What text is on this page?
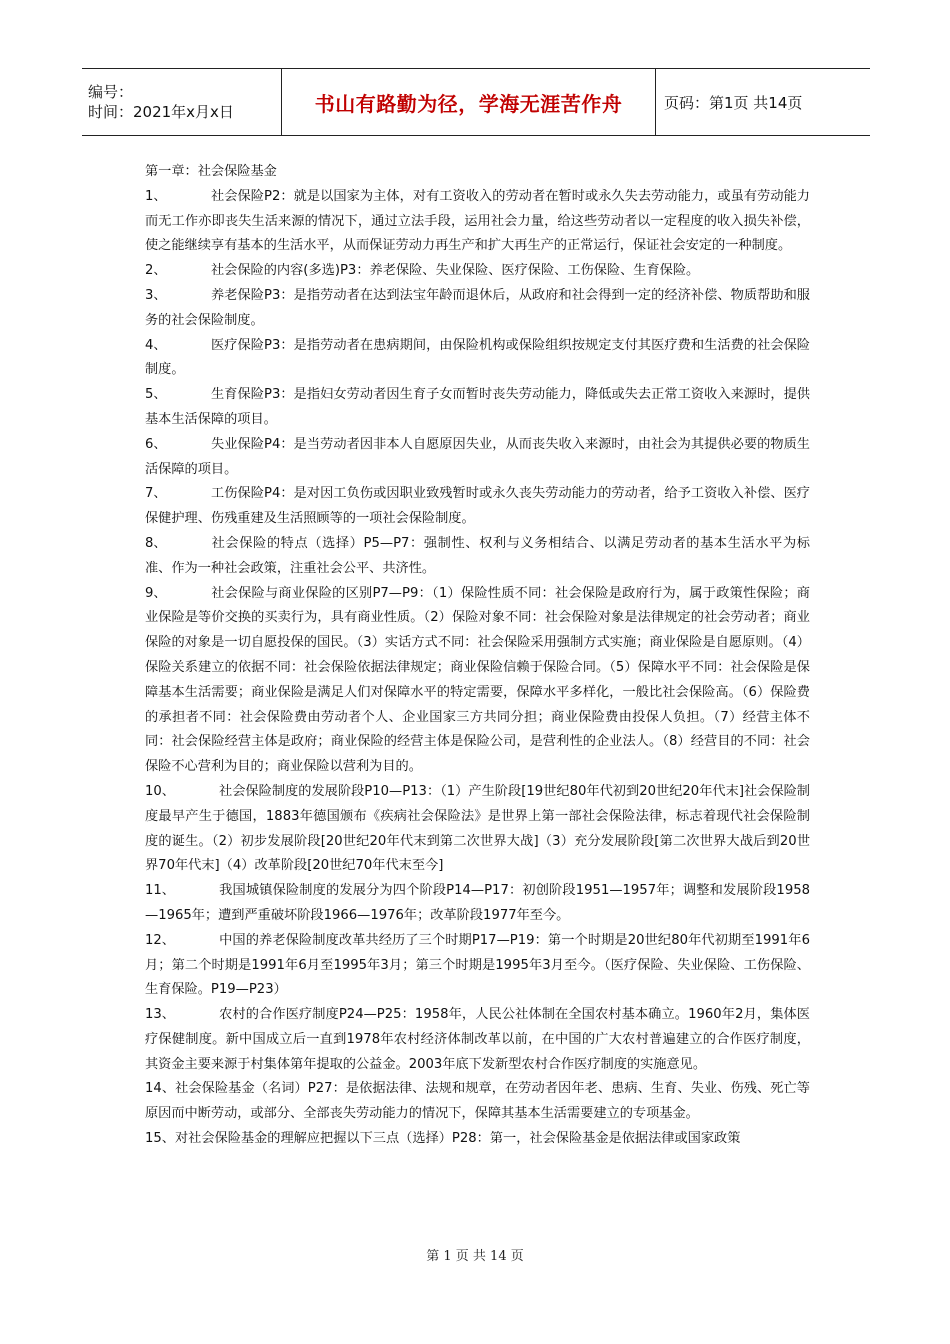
编号：
时间：2021年x月x日	书山有路勤为径，学海无涯苦作舟	页码：第1页 共14页

第一章：社会保险基金

1、	社会保险P2：就是以国家为主体，对有工资收入的劳动者在暂时或永久失去劳动能力，或虽有劳动能力而无工作亦即丧失生活来源的情况下，通过立法手段，运用社会力量，给这些劳动者以一定程度的收入损失补偿，使之能继续享有基本的生活水平，从而保证劳动力再生产和扩大再生产的正常运行，保证社会安定的一种制度。

2、	社会保险的内容(多选)P3：养老保险、失业保险、医疗保险、工伤保险、生育保险。

3、	养老保险P3：是指劳动者在达到法宝年龄而退休后，从政府和社会得到一定的经济补偿、物质帮助和服务的社会保险制度。

4、	医疗保险P3：是指劳动者在患病期间，由保险机构或保险组织按规定支付其医疗费和生活费的社会保险制度。

5、	生育保险P3：是指妇女劳动者因生育子女而暂时丧失劳动能力，降低或失去正常工资收入来源时，提供基本生活保障的项目。

6、	失业保险P4：是当劳动者因非本人自愿原因失业，从而丧失收入来源时，由社会为其提供必要的物质生活保障的项目。

7、	工伤保险P4：是对因工负伤或因职业致残暂时或永久丧失劳动能力的劳动者，给予工资收入补偿、医疗保健护理、伤残重建及生活照顾等的一项社会保险制度。

8、	社会保险的特点（选择）P5—P7：强制性、权利与义务相结合、以满足劳动者的基本生活水平为标准、作为一种社会政策，注重社会公平、共济性。

9、	社会保险与商业保险的区别P7—P9：（1）保险性质不同：社会保险是政府行为，属于政策性保险；商业保险是等价交换的买卖行为，具有商业性质。（2）保险对象不同：社会保险对象是法律规定的社会劳动者；商业保险的对象是一切自愿投保的国民。（3）实话方式不同：社会保险采用强制方式实施；商业保险是自愿原则。（4）保险关系建立的依据不同：社会保险依据法律规定；商业保险信赖于保险合同。（5）保障水平不同：社会保险是保障基本生活需要；商业保险是满足人们对保障水平的特定需要，保障水平多样化，一般比社会保险高。（6）保险费的承担者不同：社会保险费由劳动者个人、企业国家三方共同分担；商业保险费由投保人负担。（7）经营主体不同：社会保险经营主体是政府；商业保险的经营主体是保险公司，是营利性的企业法人。（8）经营目的不同：社会保险不心营利为目的；商业保险以营利为目的。

10、	社会保险制度的发展阶段P10—P13：（1）产生阶段[19世纪80年代初到20世纪20年代末]社会保险制度最早产生于德国，1883年德国颁布《疾病社会保险法》是世界上第一部社会保险法律，标志着现代社会保险制度的诞生。（2）初步发展阶段[20世纪20年代末到第二次世界大战]（3）充分发展阶段[第二次世界大战后到20世界70年代末]（4）改革阶段[20世纪70年代末至今]

11、	我国城镇保险制度的发展分为四个阶段P14—P17：初创阶段1951—1957年；调整和发展阶段1958—1965年；遭到严重破坏阶段1966—1976年；改革阶段1977年至今。

12、	中国的养老保险制度改革共经历了三个时期P17—P19：第一个时期是20世纪80年代初期至1991年6月；第二个时期是1991年6月至1995年3月；第三个时期是1995年3月至今。（医疗保险、失业保险、工伤保险、生育保险。P19—P23）

13、	农村的合作医疗制度P24—P25：1958年，人民公社体制在全国农村基本确立。1960年2月，集体医疗保健制度。新中国成立后一直到1978年农村经济体制改革以前，在中国的广大农村普遍建立的合作医疗制度，其资金主要来源于村集体第年提取的公益金。2003年底下发新型农村合作医疗制度的实施意见。

14、社会保险基金（名词）P27：是依据法律、法规和规章，在劳动者因年老、患病、生育、失业、伤残、死亡等原因而中断劳动，或部分、全部丧失劳动能力的情况下，保障其基本生活需要建立的专项基金。

15、对社会保险基金的理解应把握以下三点（选择）P28：第一，社会保险基金是依据法律或国家政策

第 1 页 共 14 页
